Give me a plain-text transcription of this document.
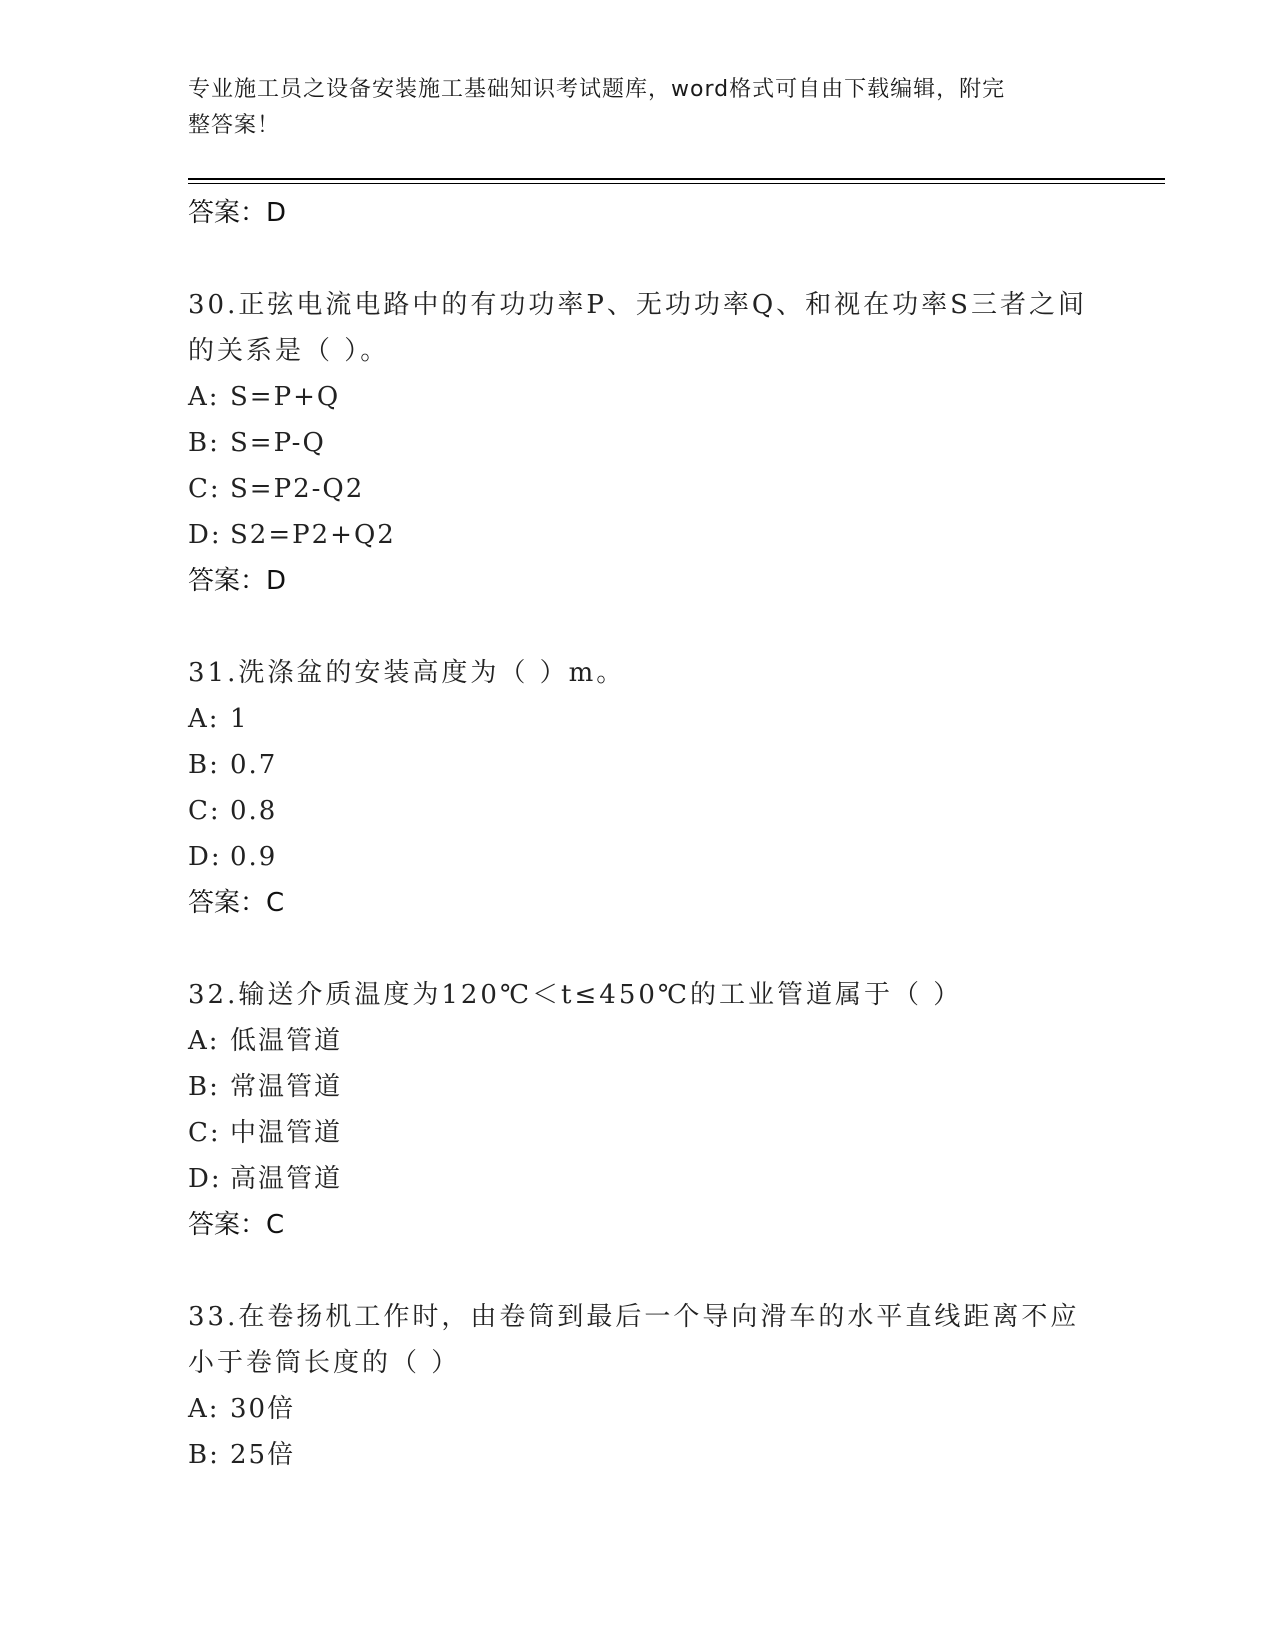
专业施工员之设备安装施工基础知识考试题库，word格式可自由下载编辑，附完
整答案！
答案：D
30.正弦电流电路中的有功功率P、无功功率Q、和视在功率S三者之间的关系是（ ）。
A: S=P+Q
B: S=P-Q
C: S=P2-Q2
D: S2=P2+Q2
答案：D
31.洗涤盆的安装高度为（ ）m。
A: 1
B: 0.7
C: 0.8
D: 0.9
答案：C
32.输送介质温度为120℃＜t≤450℃的工业管道属于（ ）
A: 低温管道
B: 常温管道
C: 中温管道
D: 高温管道
答案：C
33.在卷扬机工作时，由卷筒到最后一个导向滑车的水平直线距离不应小于卷筒长度的（ ）
A: 30倍
B: 25倍
